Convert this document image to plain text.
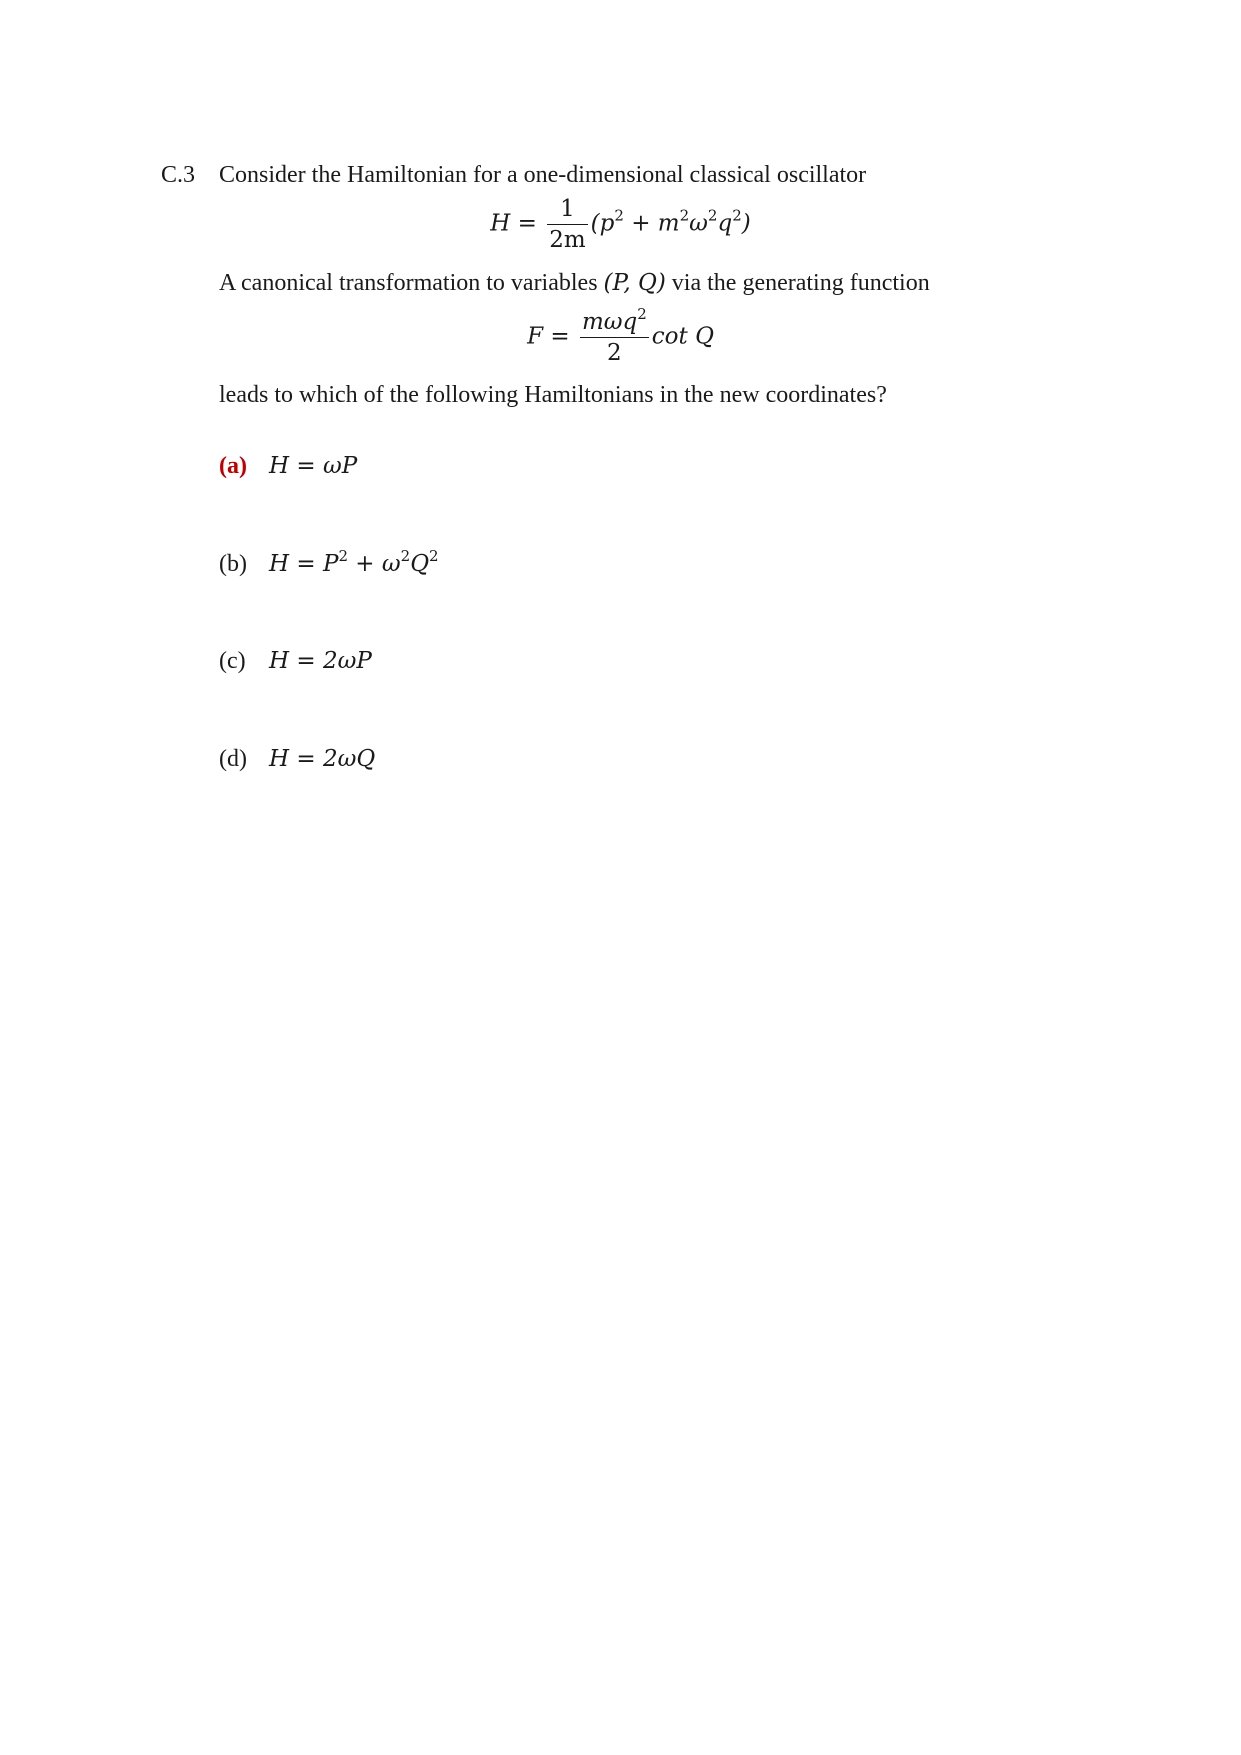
C.3 Consider the Hamiltonian for a one-dimensional classical oscillator
$H = \frac{1}{2m} (p^2 + m^2\omega^2q^2)$
A canonical transformation to variables (P, Q) via the generating function
$F = \frac{m\omega q^2}{2}$ cot Q
leads to which of the following Hamiltonians in the new coordinates?
(a) H = ωP
(b) $H = P^2 + \omega^2Q^2$
(c) H = 2ωP
(d) H = 2ωQ
